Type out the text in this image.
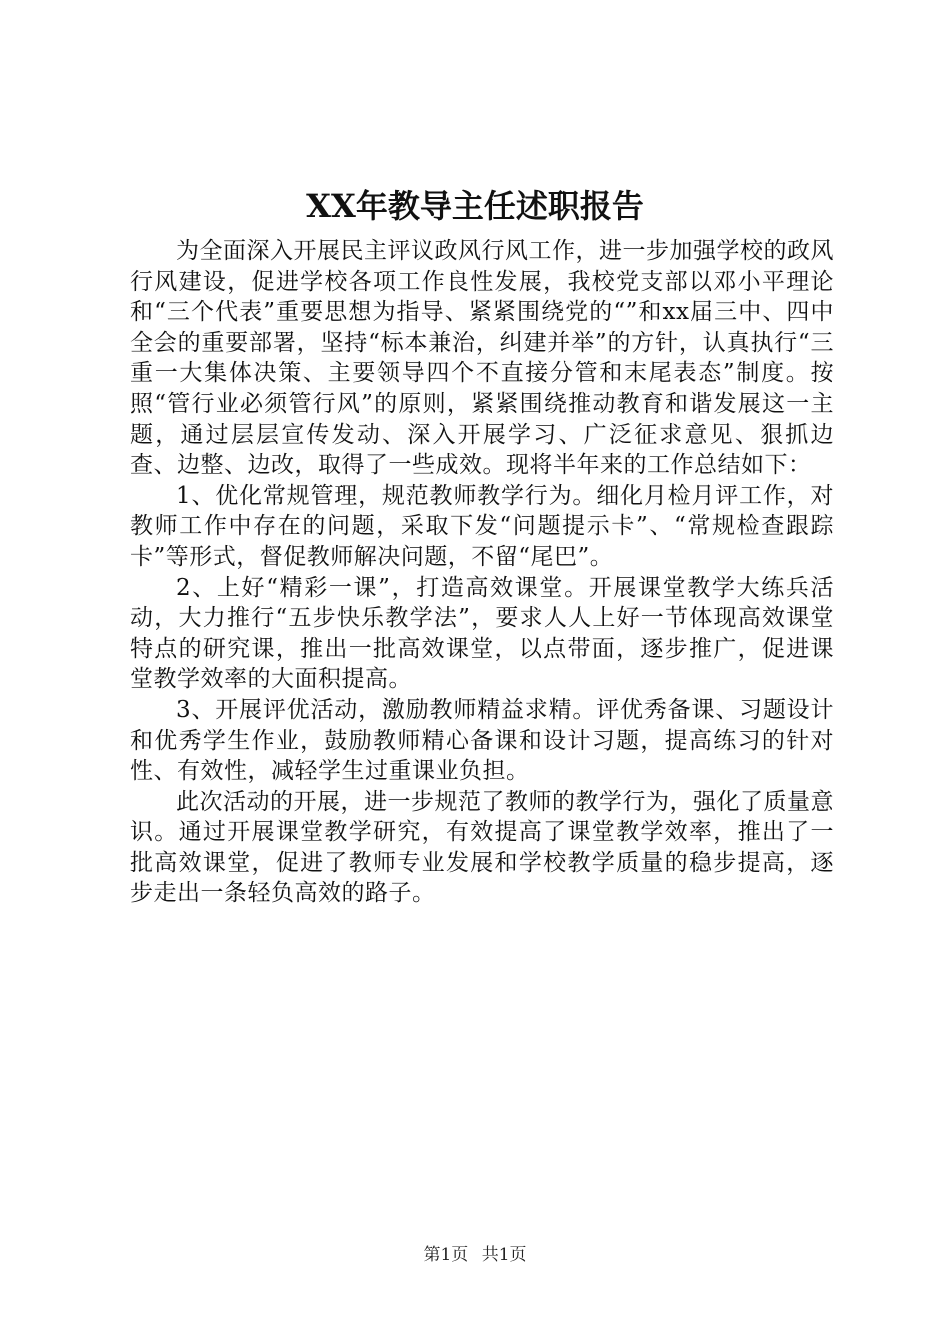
XX年教导主任述职报告

为全面深入开展民主评议政风行风工作，进一步加强学校的政风行风建设，促进学校各项工作良性发展，我校党支部以邓小平理论和“三个代表”重要思想为指导、紧紧围绕党的“”和xx届三中、四中全会的重要部署，坚持“标本兼治，纠建并举”的方针，认真执行“三重一大集体决策、主要领导四个不直接分管和末尾表态”制度。按照“管行业必须管行风”的原则，紧紧围绕推动教育和谐发展这一主题，通过层层宣传发动、深入开展学习、广泛征求意见、狠抓边查、边整、边改，取得了一些成效。现将半年来的工作总结如下：

1、优化常规管理，规范教师教学行为。细化月检月评工作，对教师工作中存在的问题，采取下发“问题提示卡”、“常规检查跟踪卡”等形式，督促教师解决问题，不留“尾巴”。

2、上好“精彩一课”，打造高效课堂。开展课堂教学大练兵活动，大力推行“五步快乐教学法”，要求人人上好一节体现高效课堂特点的研究课，推出一批高效课堂，以点带面，逐步推广，促进课堂教学效率的大面积提高。

3、开展评优活动，激励教师精益求精。评优秀备课、习题设计和优秀学生作业，鼓励教师精心备课和设计习题，提高练习的针对性、有效性，减轻学生过重课业负担。

此次活动的开展，进一步规范了教师的教学行为，强化了质量意识。通过开展课堂教学研究，有效提高了课堂教学效率，推出了一批高效课堂，促进了教师专业发展和学校教学质量的稳步提高，逐步走出一条轻负高效的路子。

第1页 共1页
